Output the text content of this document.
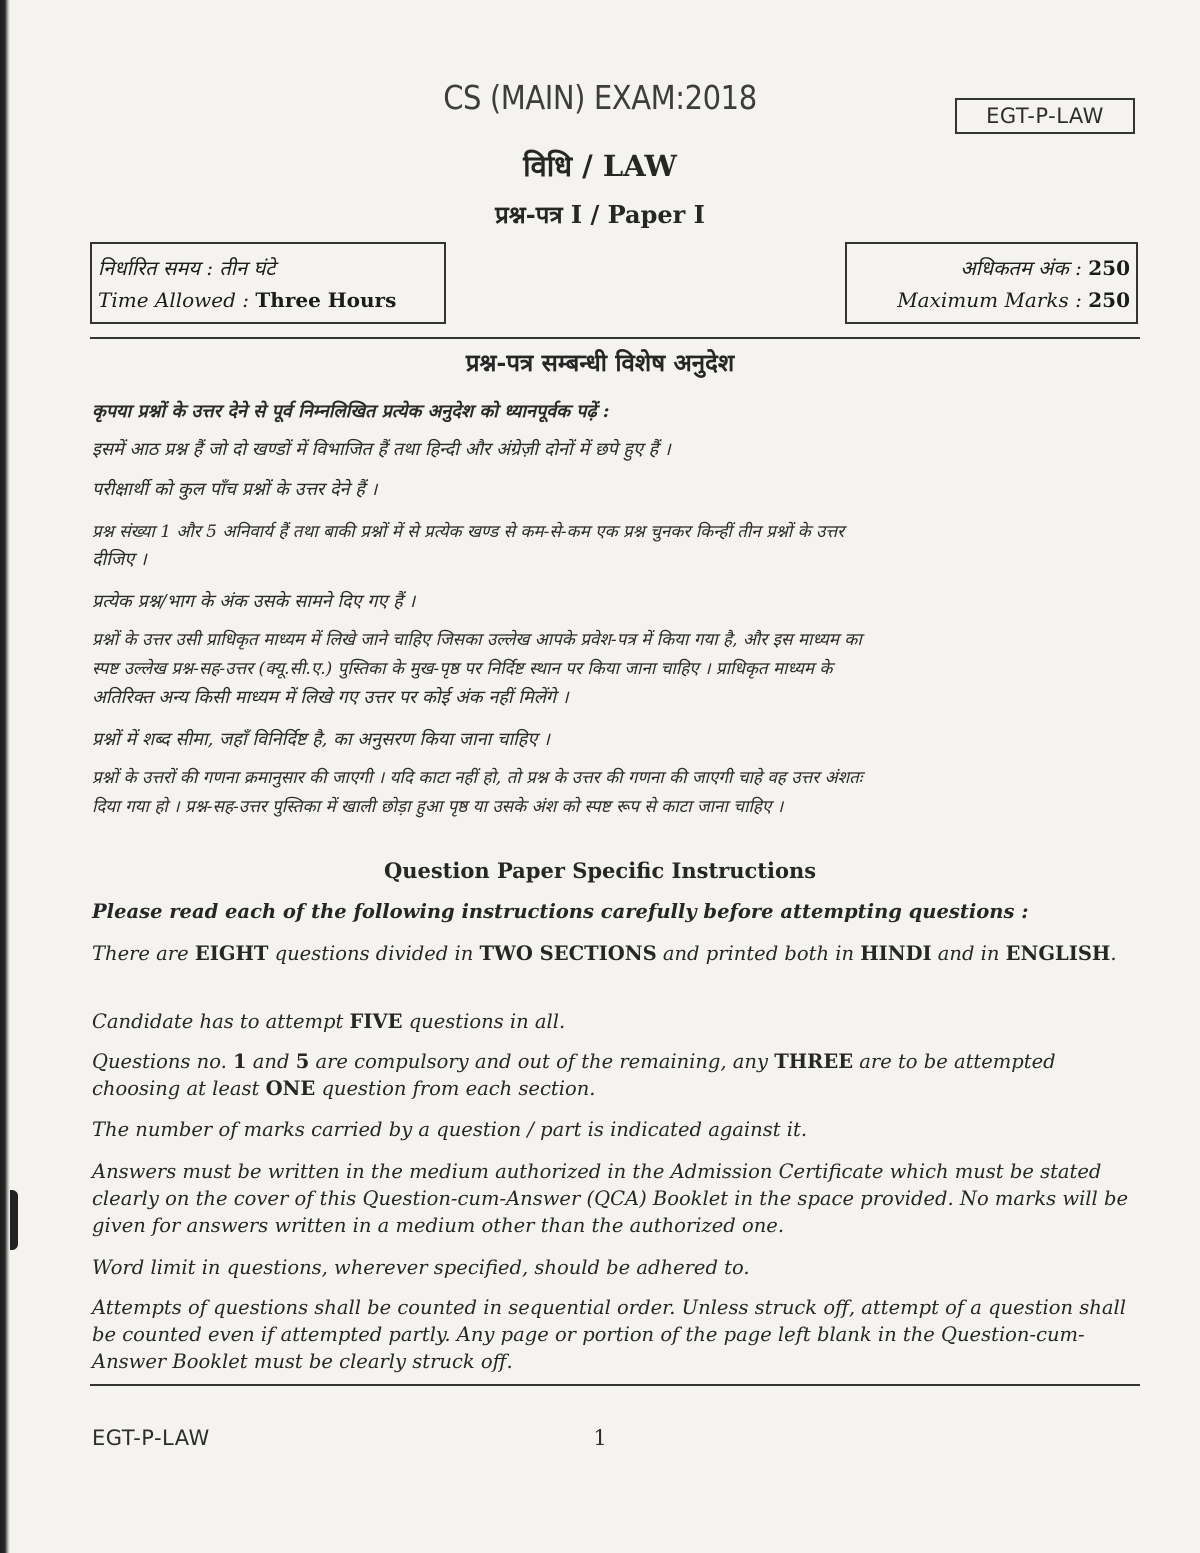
CS (MAIN) EXAM:2018	EGT-P-LAW
विधि / LAW
प्रश्न-पत्र I / Paper I
निर्धारित समय : तीन घंटे
Time Allowed : Three Hours
अधिकतम अंक : 250
Maximum Marks : 250
प्रश्न-पत्र सम्बन्धी विशेष अनुदेश
कृपया प्रश्नों के उत्तर देने से पूर्व निम्नलिखित प्रत्येक अनुदेश को ध्यानपूर्वक पढ़ें :
इसमें आठ प्रश्न हैं जो दो खण्डों में विभाजित हैं तथा हिन्दी और अंग्रेज़ी दोनों में छपे हुए हैं ।
परीक्षार्थी को कुल पाँच प्रश्नों के उत्तर देने हैं ।
प्रश्न संख्या 1 और 5 अनिवार्य हैं तथा बाकी प्रश्नों में से प्रत्येक खण्ड से कम-से-कम एक प्रश्न चुनकर किन्हीं तीन प्रश्नों के उत्तर
दीजिए ।
प्रत्येक प्रश्न/भाग के अंक उसके सामने दिए गए हैं ।
प्रश्नों के उत्तर उसी प्राधिकृत माध्यम में लिखे जाने चाहिए जिसका उल्लेख आपके प्रवेश-पत्र में किया गया है, और इस माध्यम का
स्पष्ट उल्लेख प्रश्न-सह-उत्तर (क्यू.सी.ए.) पुस्तिका के मुख-पृष्ठ पर निर्दिष्ट स्थान पर किया जाना चाहिए । प्राधिकृत माध्यम के
अतिरिक्त अन्य किसी माध्यम में लिखे गए उत्तर पर कोई अंक नहीं मिलेंगे ।
प्रश्नों में शब्द सीमा, जहाँ विनिर्दिष्ट है, का अनुसरण किया जाना चाहिए ।
प्रश्नों के उत्तरों की गणना क्रमानुसार की जाएगी । यदि काटा नहीं हो, तो प्रश्न के उत्तर की गणना की जाएगी चाहे वह उत्तर अंशतः
दिया गया हो । प्रश्न-सह-उत्तर पुस्तिका में खाली छोड़ा हुआ पृष्ठ या उसके अंश को स्पष्ट रूप से काटा जाना चाहिए ।
Question Paper Specific Instructions
Please read each of the following instructions carefully before attempting questions :
There are EIGHT questions divided in TWO SECTIONS and printed both in HINDI and in ENGLISH.
Candidate has to attempt FIVE questions in all.
Questions no. 1 and 5 are compulsory and out of the remaining, any THREE are to be attempted choosing at least ONE question from each section.
The number of marks carried by a question / part is indicated against it.
Answers must be written in the medium authorized in the Admission Certificate which must be stated clearly on the cover of this Question-cum-Answer (QCA) Booklet in the space provided. No marks will be given for answers written in a medium other than the authorized one.
Word limit in questions, wherever specified, should be adhered to.
Attempts of questions shall be counted in sequential order. Unless struck off, attempt of a question shall be counted even if attempted partly. Any page or portion of the page left blank in the Question-cum-Answer Booklet must be clearly struck off.
EGT-P-LAW	1
